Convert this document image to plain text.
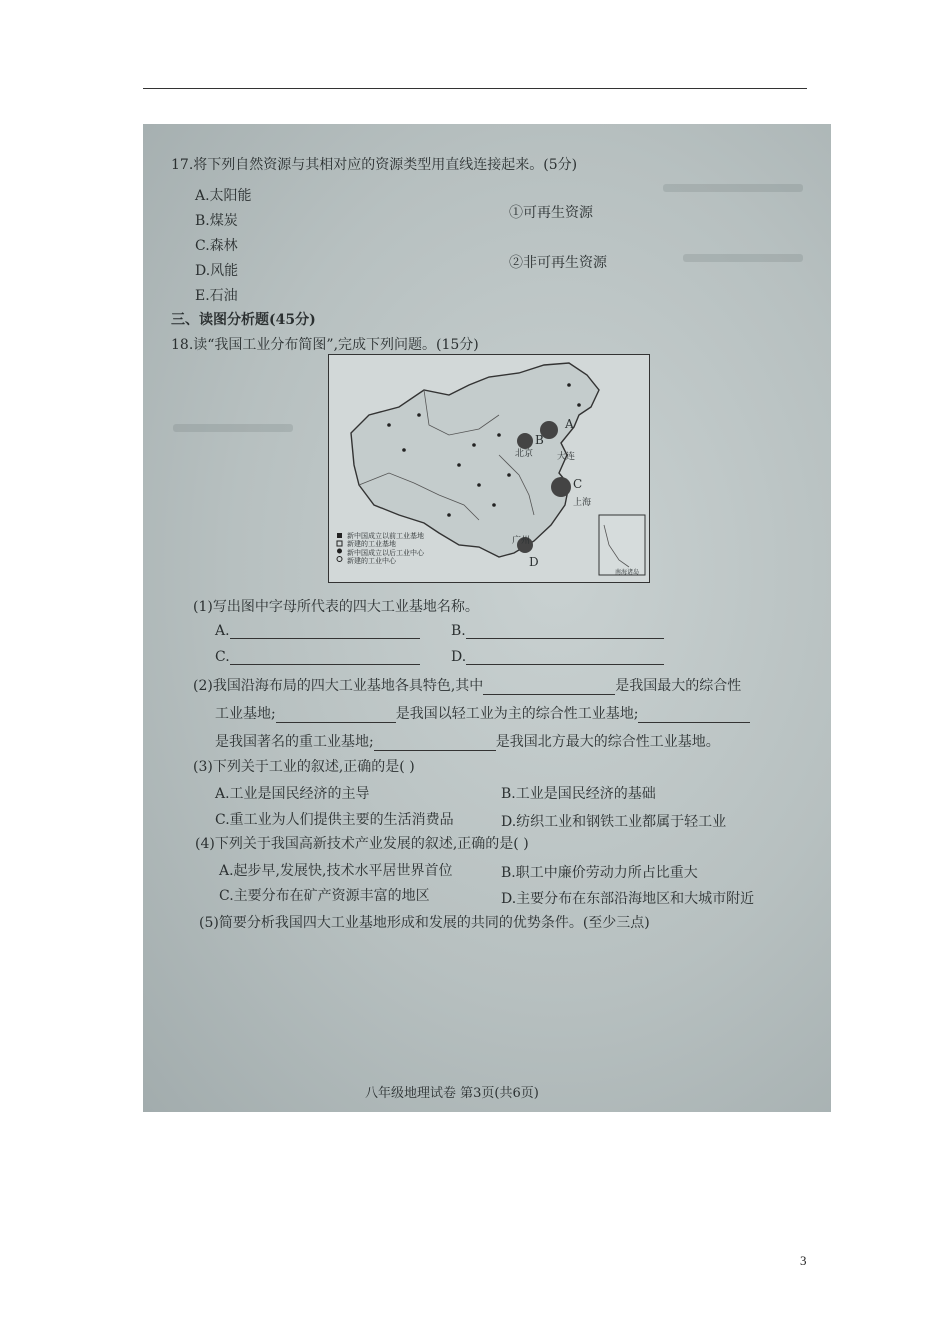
17.将下列自然资源与其相对应的资源类型用直线连接起来。(5分)
A.太阳能
B.煤炭
C.森林
D.风能
E.石油
①可再生资源
②非可再生资源
三、读图分析题(45分)
18.读“我国工业分布简图”,完成下列问题。(15分)
B
A
C
D
北京	大连
上海
广州
新中国成立以前工业基地
新建的工业基地
新中国成立以后工业中心
新建的工业中心
南海诸岛
(1)写出图中字母所代表的四大工业基地名称。
A.	B.
C.	D.
(2)我国沿海布局的四大工业基地各具特色,其中	是我国最大的综合性
工业基地;	是我国以轻工业为主的综合性工业基地;
是我国著名的重工业基地;	是我国北方最大的综合性工业基地。
(3)下列关于工业的叙述,正确的是( )
A.工业是国民经济的主导	B.工业是国民经济的基础
C.重工业为人们提供主要的生活消费品	D.纺织工业和钢铁工业都属于轻工业
(4)下列关于我国高新技术产业发展的叙述,正确的是( )
A.起步早,发展快,技术水平居世界首位	B.职工中廉价劳动力所占比重大
C.主要分布在矿产资源丰富的地区	D.主要分布在东部沿海地区和大城市附近
(5)简要分析我国四大工业基地形成和发展的共同的优势条件。(至少三点)
八年级地理试卷 第3页(共6页)
3
